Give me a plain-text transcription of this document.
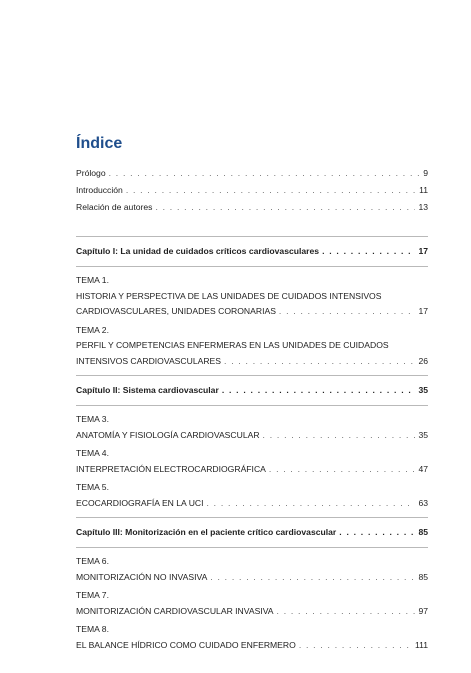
Índice
Prólogo . . .	9
Introducción . . .	11
Relación de autores . . .	13
Capítulo I: La unidad de cuidados críticos cardiovasculares . . .	17
TEMA 1.
HISTORIA Y PERSPECTIVA DE LAS UNIDADES DE CUIDADOS INTENSIVOS
CARDIOVASCULARES, UNIDADES CORONARIAS . . .	17
TEMA 2.
PERFIL Y COMPETENCIAS ENFERMERAS EN LAS UNIDADES DE CUIDADOS
INTENSIVOS CARDIOVASCULARES . . .	26
Capítulo II: Sistema cardiovascular . . .	35
TEMA 3.
ANATOMÍA Y FISIOLOGÍA CARDIOVASCULAR . . .	35
TEMA 4.
INTERPRETACIÓN ELECTROCARDIOGRÁFICA . . .	47
TEMA 5.
ECOCARDIOGRAFÍA EN LA UCI . . .	63
Capítulo III: Monitorización en el paciente crítico cardiovascular . . .	85
TEMA 6.
MONITORIZACIÓN NO INVASIVA . . .	85
TEMA 7.
MONITORIZACIÓN CARDIOVASCULAR INVASIVA . . .	97
TEMA 8.
EL BALANCE HÍDRICO COMO CUIDADO ENFERMERO . . .	111
